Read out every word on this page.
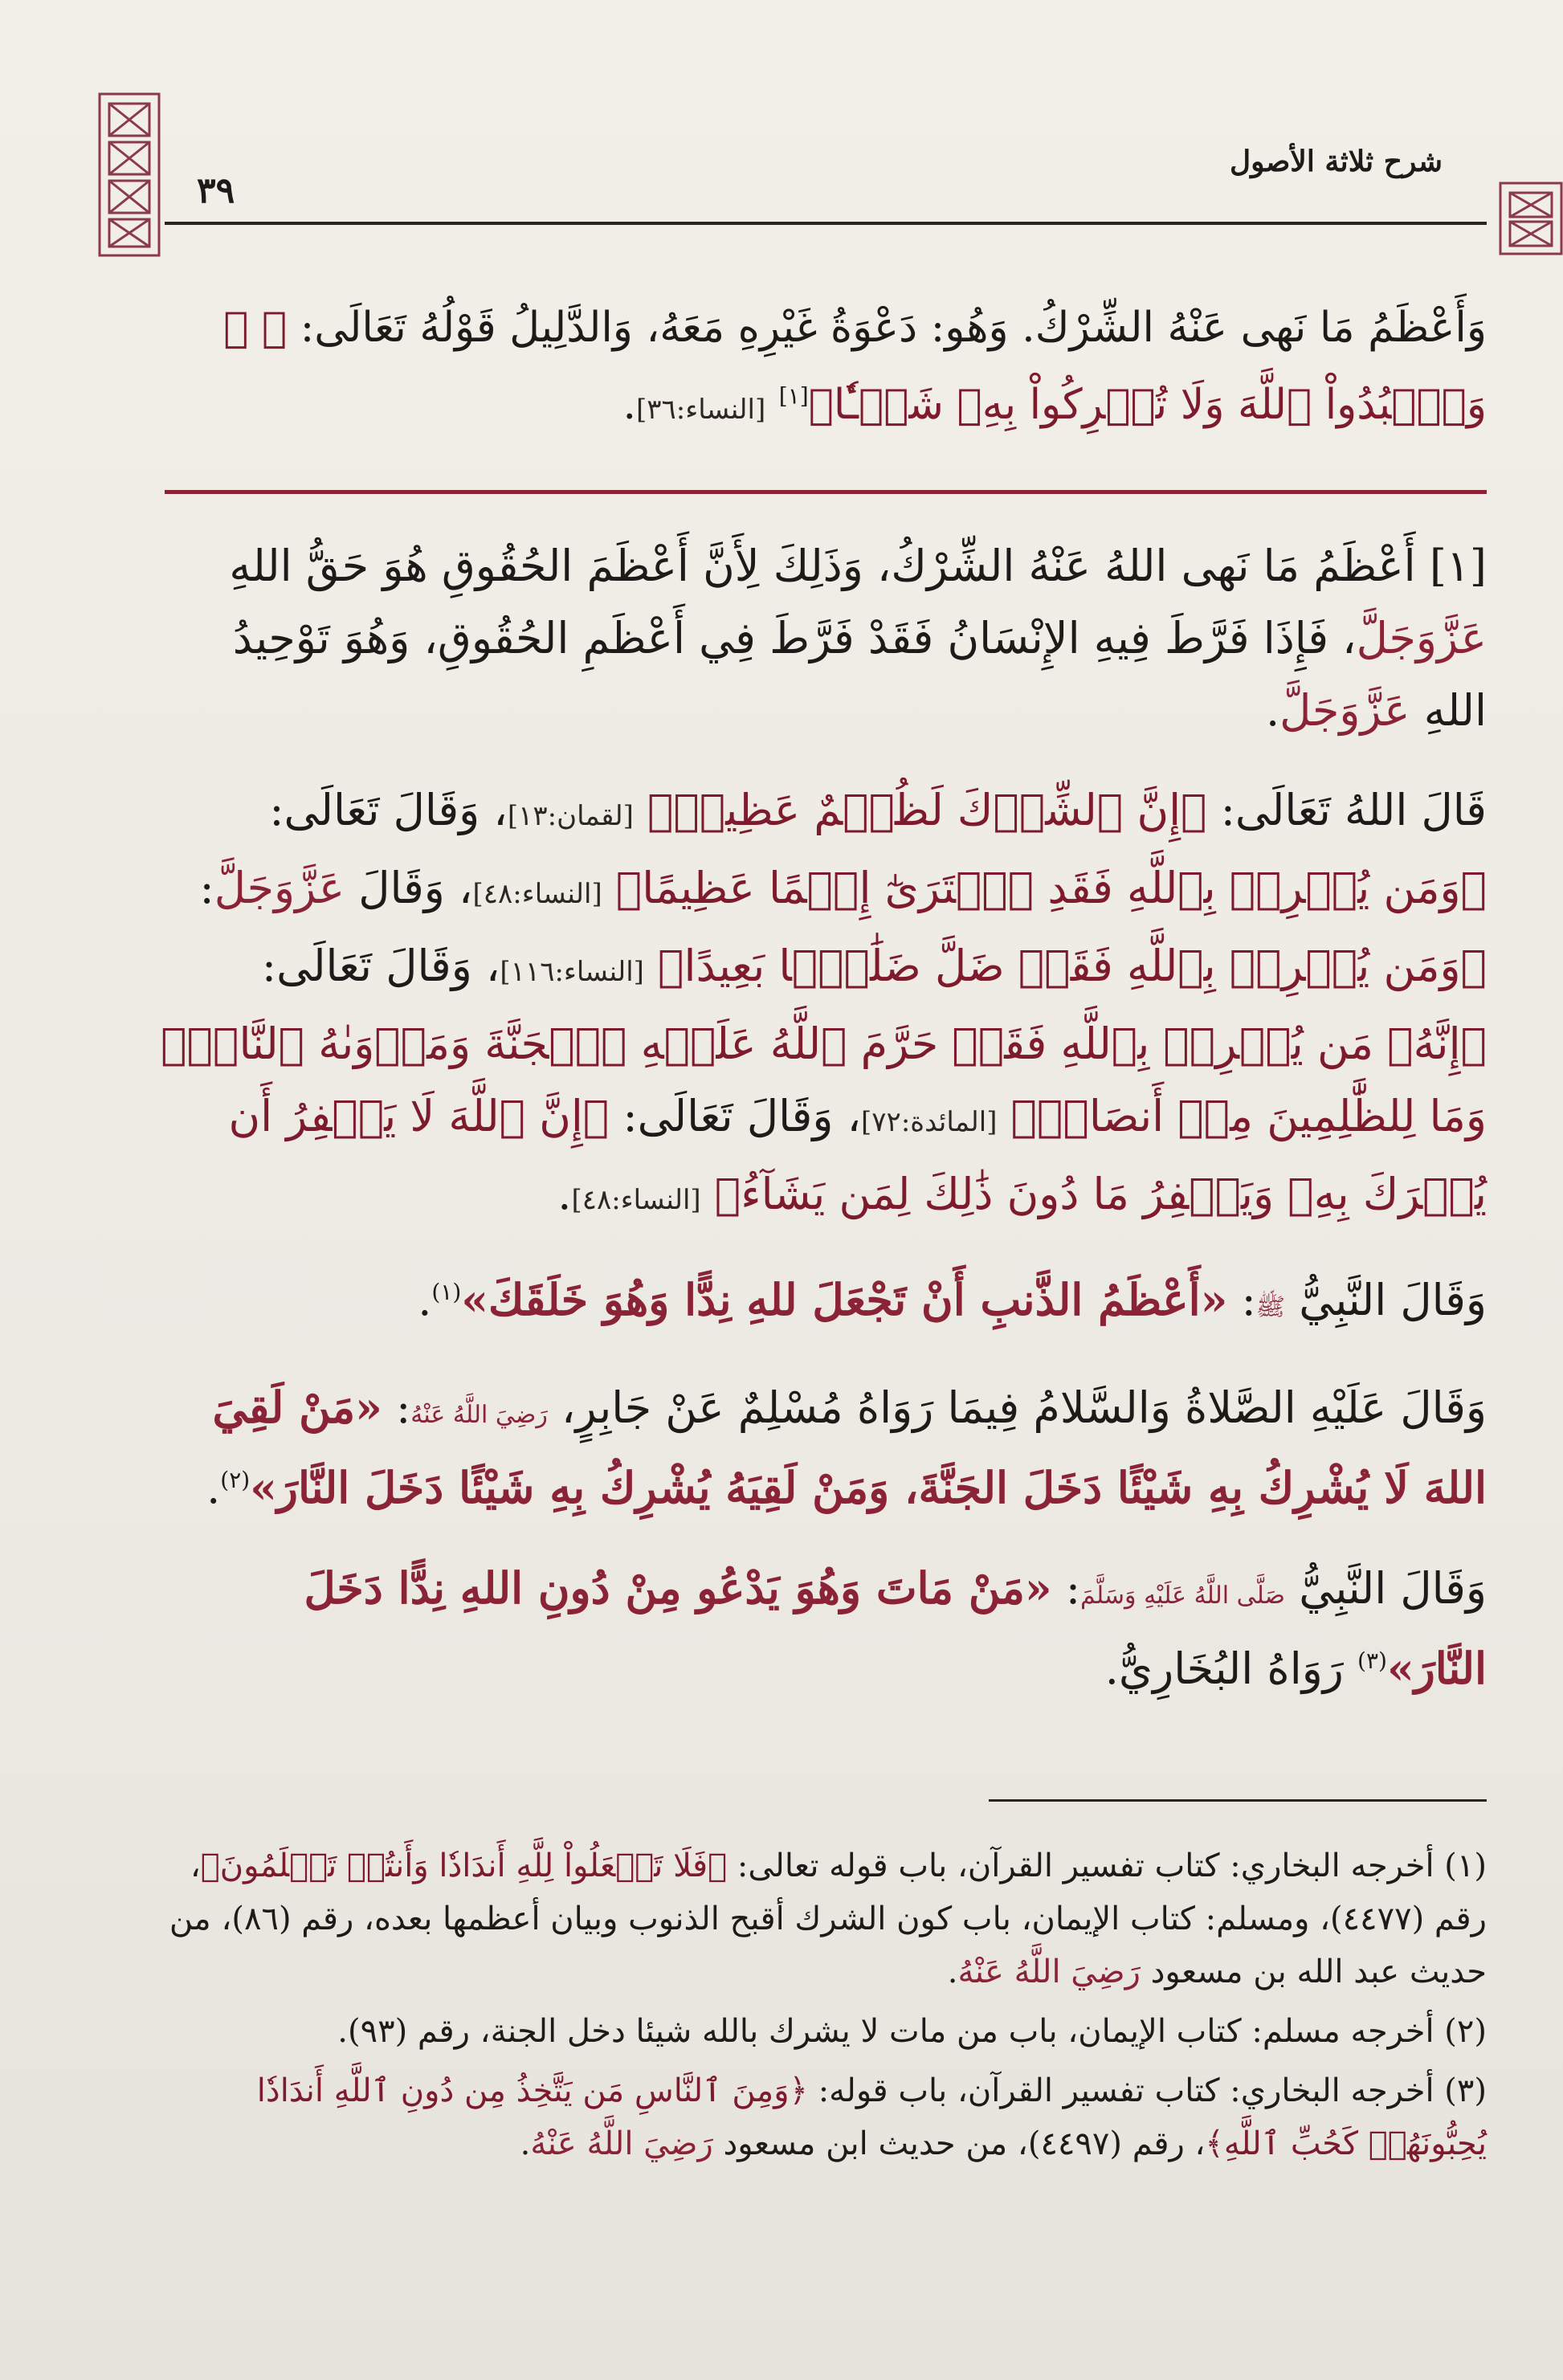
شرح ثلاثة الأصول
٣٩

وَأَعْظَمُ مَا نَهى عَنْهُ الشِّرْكُ. وَهُو: دَعْوَةُ غَيْرِهِ مَعَهُ، وَالدَّلِيلُ قَوْلُهُ تَعَالَى: ﴿ ۞ وَٱعۡبُدُواْ ٱللَّهَ وَلَا تُشۡرِكُواْ بِهِۦ شَيۡـٔٗا﴾[١] [النساء:٣٦].

[١] أَعْظَمُ مَا نَهى اللهُ عَنْهُ الشِّرْكُ، وَذَلِكَ لِأَنَّ أَعْظَمَ الحُقُوقِ هُوَ حَقُّ اللهِ عَزَّوَجَلَّ، فَإِذَا فَرَّطَ فِيهِ الإِنْسَانُ فَقَدْ فَرَّطَ فِي أَعْظَمِ الحُقُوقِ، وَهُوَ تَوْحِيدُ اللهِ عَزَّوَجَلَّ.

قَالَ اللهُ تَعَالَى: ﴿إِنَّ ٱلشِّرۡكَ لَظُلۡمٌ عَظِيمٞ﴾ [لقمان:١٣]، وَقَالَ تَعَالَى: ﴿وَمَن يُشۡرِكۡ بِٱللَّهِ فَقَدِ ٱفۡتَرَىٰٓ إِثۡمًا عَظِيمًا﴾ [النساء:٤٨]، وَقَالَ عَزَّوَجَلَّ: ﴿وَمَن يُشۡرِكۡ بِٱللَّهِ فَقَدۡ ضَلَّ ضَلَٰلَۢا بَعِيدًا﴾ [النساء:١١٦]، وَقَالَ تَعَالَى: ﴿إِنَّهُۥ مَن يُشۡرِكۡ بِٱللَّهِ فَقَدۡ حَرَّمَ ٱللَّهُ عَلَيۡهِ ٱلۡجَنَّةَ وَمَأۡوَىٰهُ ٱلنَّارُۖ وَمَا لِلظَّٰلِمِينَ مِنۡ أَنصَارٖ﴾ [المائدة:٧٢]، وَقَالَ تَعَالَى: ﴿إِنَّ ٱللَّهَ لَا يَغۡفِرُ أَن يُشۡرَكَ بِهِۦ وَيَغۡفِرُ مَا دُونَ ذَٰلِكَ لِمَن يَشَآءُ﴾ [النساء:٤٨].

وَقَالَ النَّبِيُّ ﷺ: «أَعْظَمُ الذَّنبِ أَنْ تَجْعَلَ للهِ نِدًّا وَهُوَ خَلَقَكَ»$^{(١)}$.

وَقَالَ عَلَيْهِ الصَّلاةُ وَالسَّلامُ فِيمَا رَوَاهُ مُسْلِمٌ عَنْ جَابِرٍ، رَضِيَ اللَّهُ عَنْهُ: «مَنْ لَقِيَ اللهَ لَا يُشْرِكُ بِهِ شَيْئًا دَخَلَ الجَنَّةَ، وَمَنْ لَقِيَهُ يُشْرِكُ بِهِ شَيْئًا دَخَلَ النَّارَ»$^{(٢)}$.

وَقَالَ النَّبِيُّ صَلَّى اللَّهُ عَلَيْهِ وَسَلَّمَ: «مَنْ مَاتَ وَهُوَ يَدْعُو مِنْ دُونِ اللهِ نِدًّا دَخَلَ النَّارَ»$^{(٣)}$ رَوَاهُ البُخَارِيُّ.

(١) أخرجه البخاري: كتاب تفسير القرآن، باب قوله تعالى: ﴿فَلَا تَجۡعَلُواْ لِلَّهِ أَندَادٗا وَأَنتُمۡ تَعۡلَمُونَ﴾، رقم (٤٤٧٧)، ومسلم: كتاب الإيمان، باب كون الشرك أقبح الذنوب وبيان أعظمها بعده، رقم (٨٦)، من حديث عبد الله بن مسعود رَضِيَ اللَّهُ عَنْهُ.

(٢) أخرجه مسلم: كتاب الإيمان، باب من مات لا يشرك بالله شيئا دخل الجنة، رقم (٩٣).

(٣) أخرجه البخاري: كتاب تفسير القرآن، باب قوله: ﴿وَمِنَ ٱلنَّاسِ مَن يَتَّخِذُ مِن دُونِ ٱللَّهِ أَندَادٗا يُحِبُّونَهُمۡ كَحُبِّ ٱللَّهِ﴾، رقم (٤٤٩٧)، من حديث ابن مسعود رَضِيَ اللَّهُ عَنْهُ.
